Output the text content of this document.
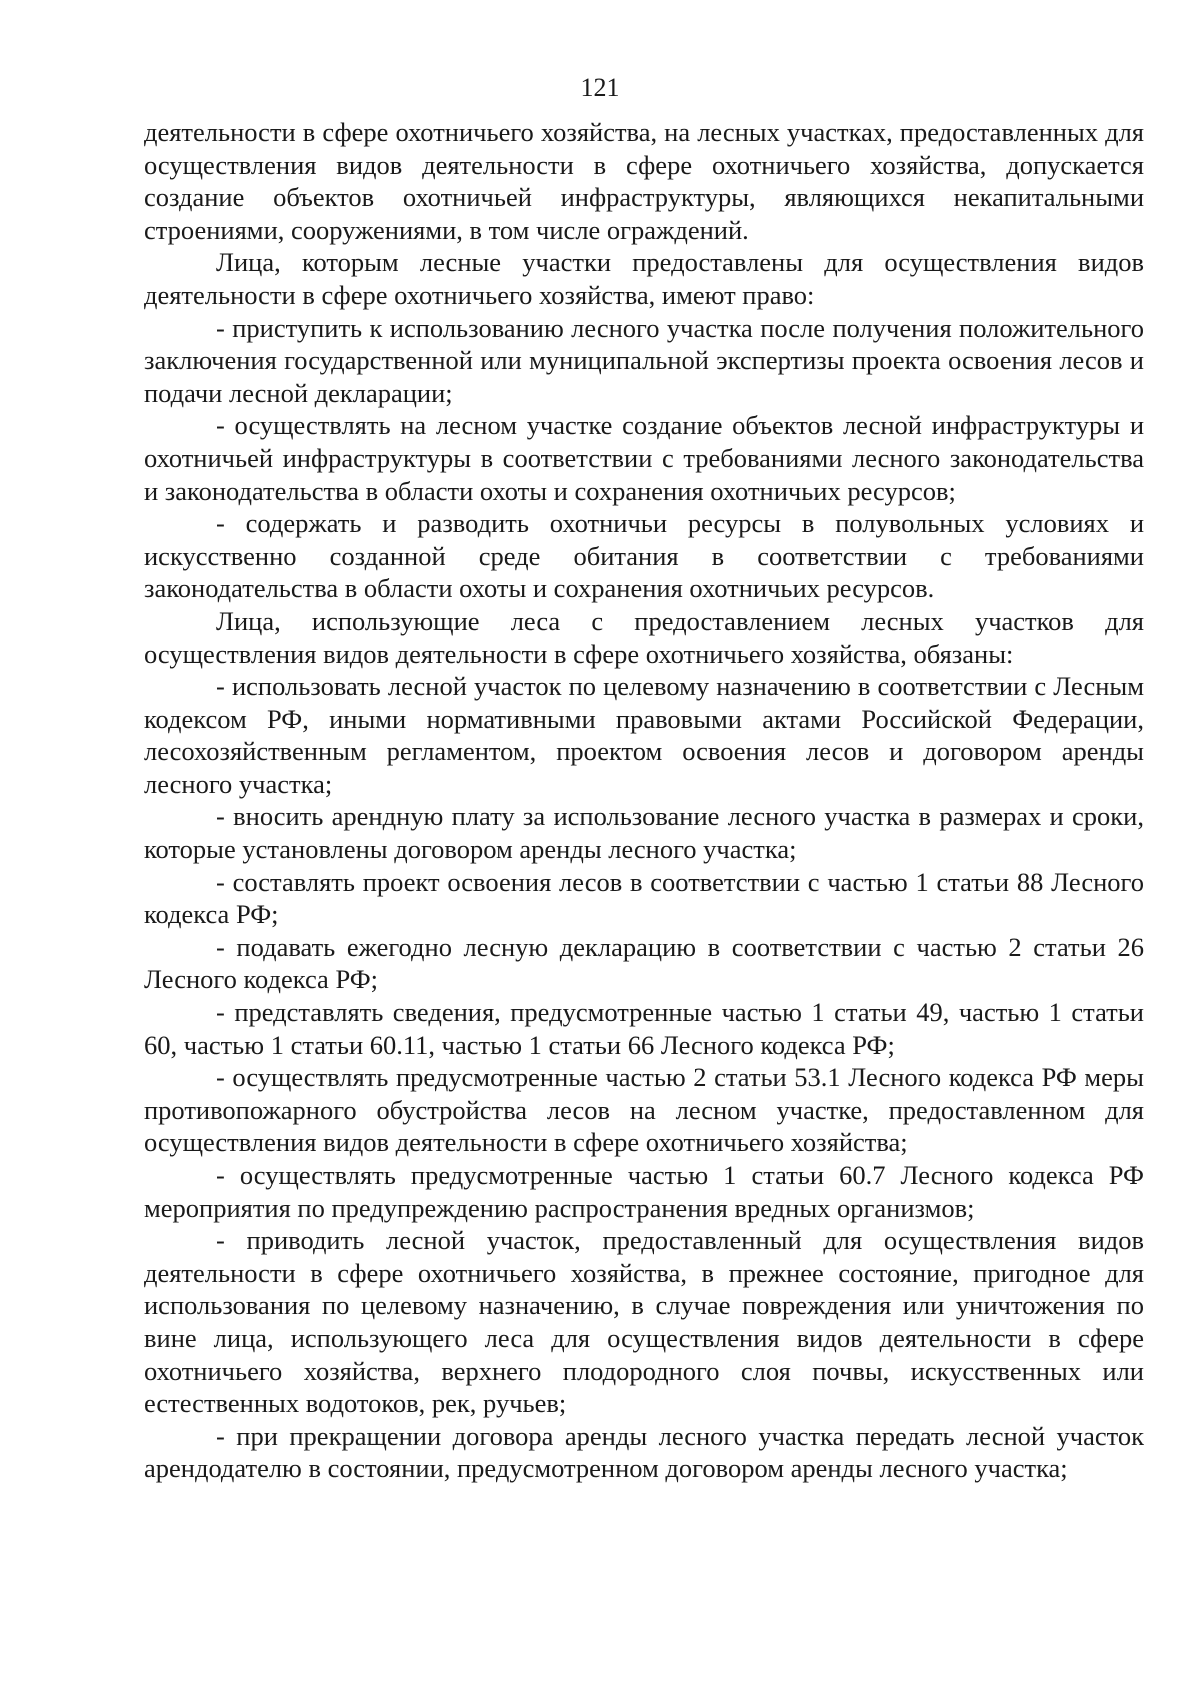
121

деятельности в сфере охотничьего хозяйства, на лесных участках, предоставленных для осуществления видов деятельности в сфере охотничьего хозяйства, допускается создание объектов охотничьей инфраструктуры, являющихся некапитальными строениями, сооружениями, в том числе ограждений.

Лица, которым лесные участки предоставлены для осуществления видов деятельности в сфере охотничьего хозяйства, имеют право:

- приступить к использованию лесного участка после получения положительного заключения государственной или муниципальной экспертизы проекта освоения лесов и подачи лесной декларации;

- осуществлять на лесном участке создание объектов лесной инфраструктуры и охотничьей инфраструктуры в соответствии с требованиями лесного законодательства и законодательства в области охоты и сохранения охотничьих ресурсов;

- содержать и разводить охотничьи ресурсы в полувольных условиях и искусственно созданной среде обитания в соответствии с требованиями законодательства в области охоты и сохранения охотничьих ресурсов.

Лица, использующие леса с предоставлением лесных участков для осуществления видов деятельности в сфере охотничьего хозяйства, обязаны:

- использовать лесной участок по целевому назначению в соответствии с Лесным кодексом РФ, иными нормативными правовыми актами Российской Федерации, лесохозяйственным регламентом, проектом освоения лесов и договором аренды лесного участка;

- вносить арендную плату за использование лесного участка в размерах и сроки, которые установлены договором аренды лесного участка;

- составлять проект освоения лесов в соответствии с частью 1 статьи 88 Лесного кодекса РФ;

- подавать ежегодно лесную декларацию в соответствии с частью 2 статьи 26 Лесного кодекса РФ;

- представлять сведения, предусмотренные частью 1 статьи 49, частью 1 статьи 60, частью 1 статьи 60.11, частью 1 статьи 66 Лесного кодекса РФ;

- осуществлять предусмотренные частью 2 статьи 53.1 Лесного кодекса РФ меры противопожарного обустройства лесов на лесном участке, предоставленном для осуществления видов деятельности в сфере охотничьего хозяйства;

- осуществлять предусмотренные частью 1 статьи 60.7 Лесного кодекса РФ мероприятия по предупреждению распространения вредных организмов;

- приводить лесной участок, предоставленный для осуществления видов деятельности в сфере охотничьего хозяйства, в прежнее состояние, пригодное для использования по целевому назначению, в случае повреждения или уничтожения по вине лица, использующего леса для осуществления видов деятельности в сфере охотничьего хозяйства, верхнего плодородного слоя почвы, искусственных или естественных водотоков, рек, ручьев;

- при прекращении договора аренды лесного участка передать лесной участок арендодателю в состоянии, предусмотренном договором аренды лесного участка;
